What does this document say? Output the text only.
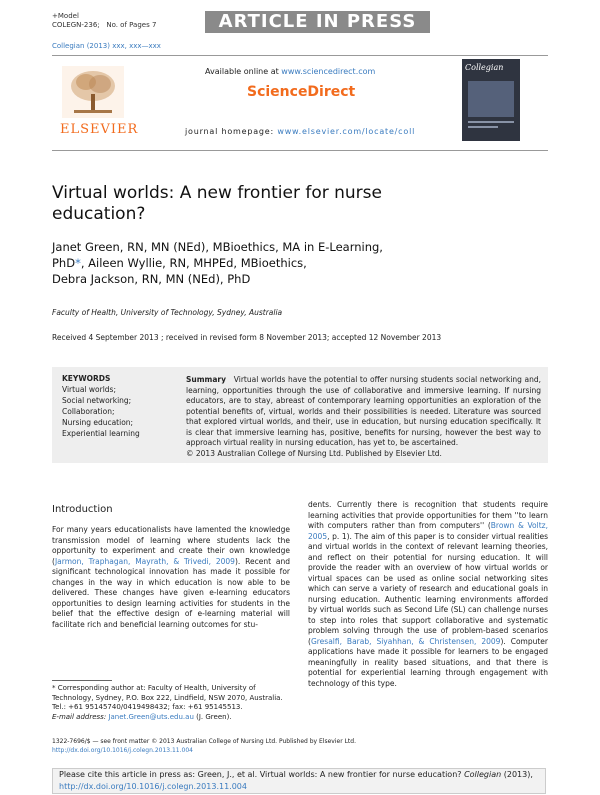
+Model
COLEGN-236; No. of Pages 7	ARTICLE IN PRESS
Collegian (2013) xxx, xxx—xxx
ELSEVIER
Available online at www.sciencedirect.com
ScienceDirect
journal homepage: www.elsevier.com/locate/coll
Collegian
Virtual worlds: A new frontier for nurse
education?
Janet Green, RN, MN (NEd), MBioethics, MA in E-Learning,
PhD*, Aileen Wyllie, RN, MHPEd, MBioethics,
Debra Jackson, RN, MN (NEd), PhD
Faculty of Health, University of Technology, Sydney, Australia
Received 4 September 2013 ; received in revised form 8 November 2013; accepted 12 November 2013
KEYWORDS
Virtual worlds;
Social networking;
Collaboration;
Nursing education;
Experiential learning
Summary Virtual worlds have the potential to offer nursing students social networking and, learning, opportunities through the use of collaborative and immersive learning. If nursing educators, are to stay, abreast of contemporary learning opportunities an exploration of the potential benefits of, virtual, worlds and their possibilities is needed. Literature was sourced that explored virtual worlds, and their, use in education, but nursing education specifically. It is clear that immersive learning has, positive, benefits for nursing, however the best way to approach virtual reality in nursing education, has yet to, be ascertained.
© 2013 Australian College of Nursing Ltd. Published by Elsevier Ltd.
Introduction
For many years educationalists have lamented the knowledge transmission model of learning where students lack the opportunity to experiment and create their own knowledge (Jarmon, Traphagan, Mayrath, & Trivedi, 2009). Recent and significant technological innovation has made it possible for changes in the way in which education is now able to be delivered. These changes have given e-learning educators opportunities to design learning activities for students in the belief that the effective design of e-learning material will facilitate rich and beneficial learning outcomes for stu-
dents. Currently there is recognition that students require learning activities that provide opportunities for them ''to learn with computers rather than from computers'' (Brown & Voltz, 2005, p. 1). The aim of this paper is to consider virtual realities and virtual worlds in the context of relevant learning theories, and reflect on their potential for nursing education. It will provide the reader with an overview of how virtual worlds or virtual spaces can be used as online social networking sites which can serve a variety of research and educational goals in nursing education. Authentic learning environments afforded by virtual worlds such as Second Life (SL) can challenge nurses to step into roles that support collaborative and systematic problem solving through the use of problem-based scenarios (Gresalfi, Barab, Siyahhan, & Christensen, 2009). Computer applications have made it possible for learners to be engaged meaningfully in reality based situations, and that there is potential for experiential learning through engagement with technology of this type.
* Corresponding author at: Faculty of Health, University of Technology, Sydney, P.O. Box 222, Lindfield, NSW 2070, Australia.
Tel.: +61 95145740/0419498432; fax: +61 95145513.
E-mail address: Janet.Green@uts.edu.au (J. Green).
1322-7696/$ — see front matter © 2013 Australian College of Nursing Ltd. Published by Elsevier Ltd.
http://dx.doi.org/10.1016/j.colegn.2013.11.004
Please cite this article in press as: Green, J., et al. Virtual worlds: A new frontier for nurse education? Collegian (2013),
http://dx.doi.org/10.1016/j.colegn.2013.11.004
